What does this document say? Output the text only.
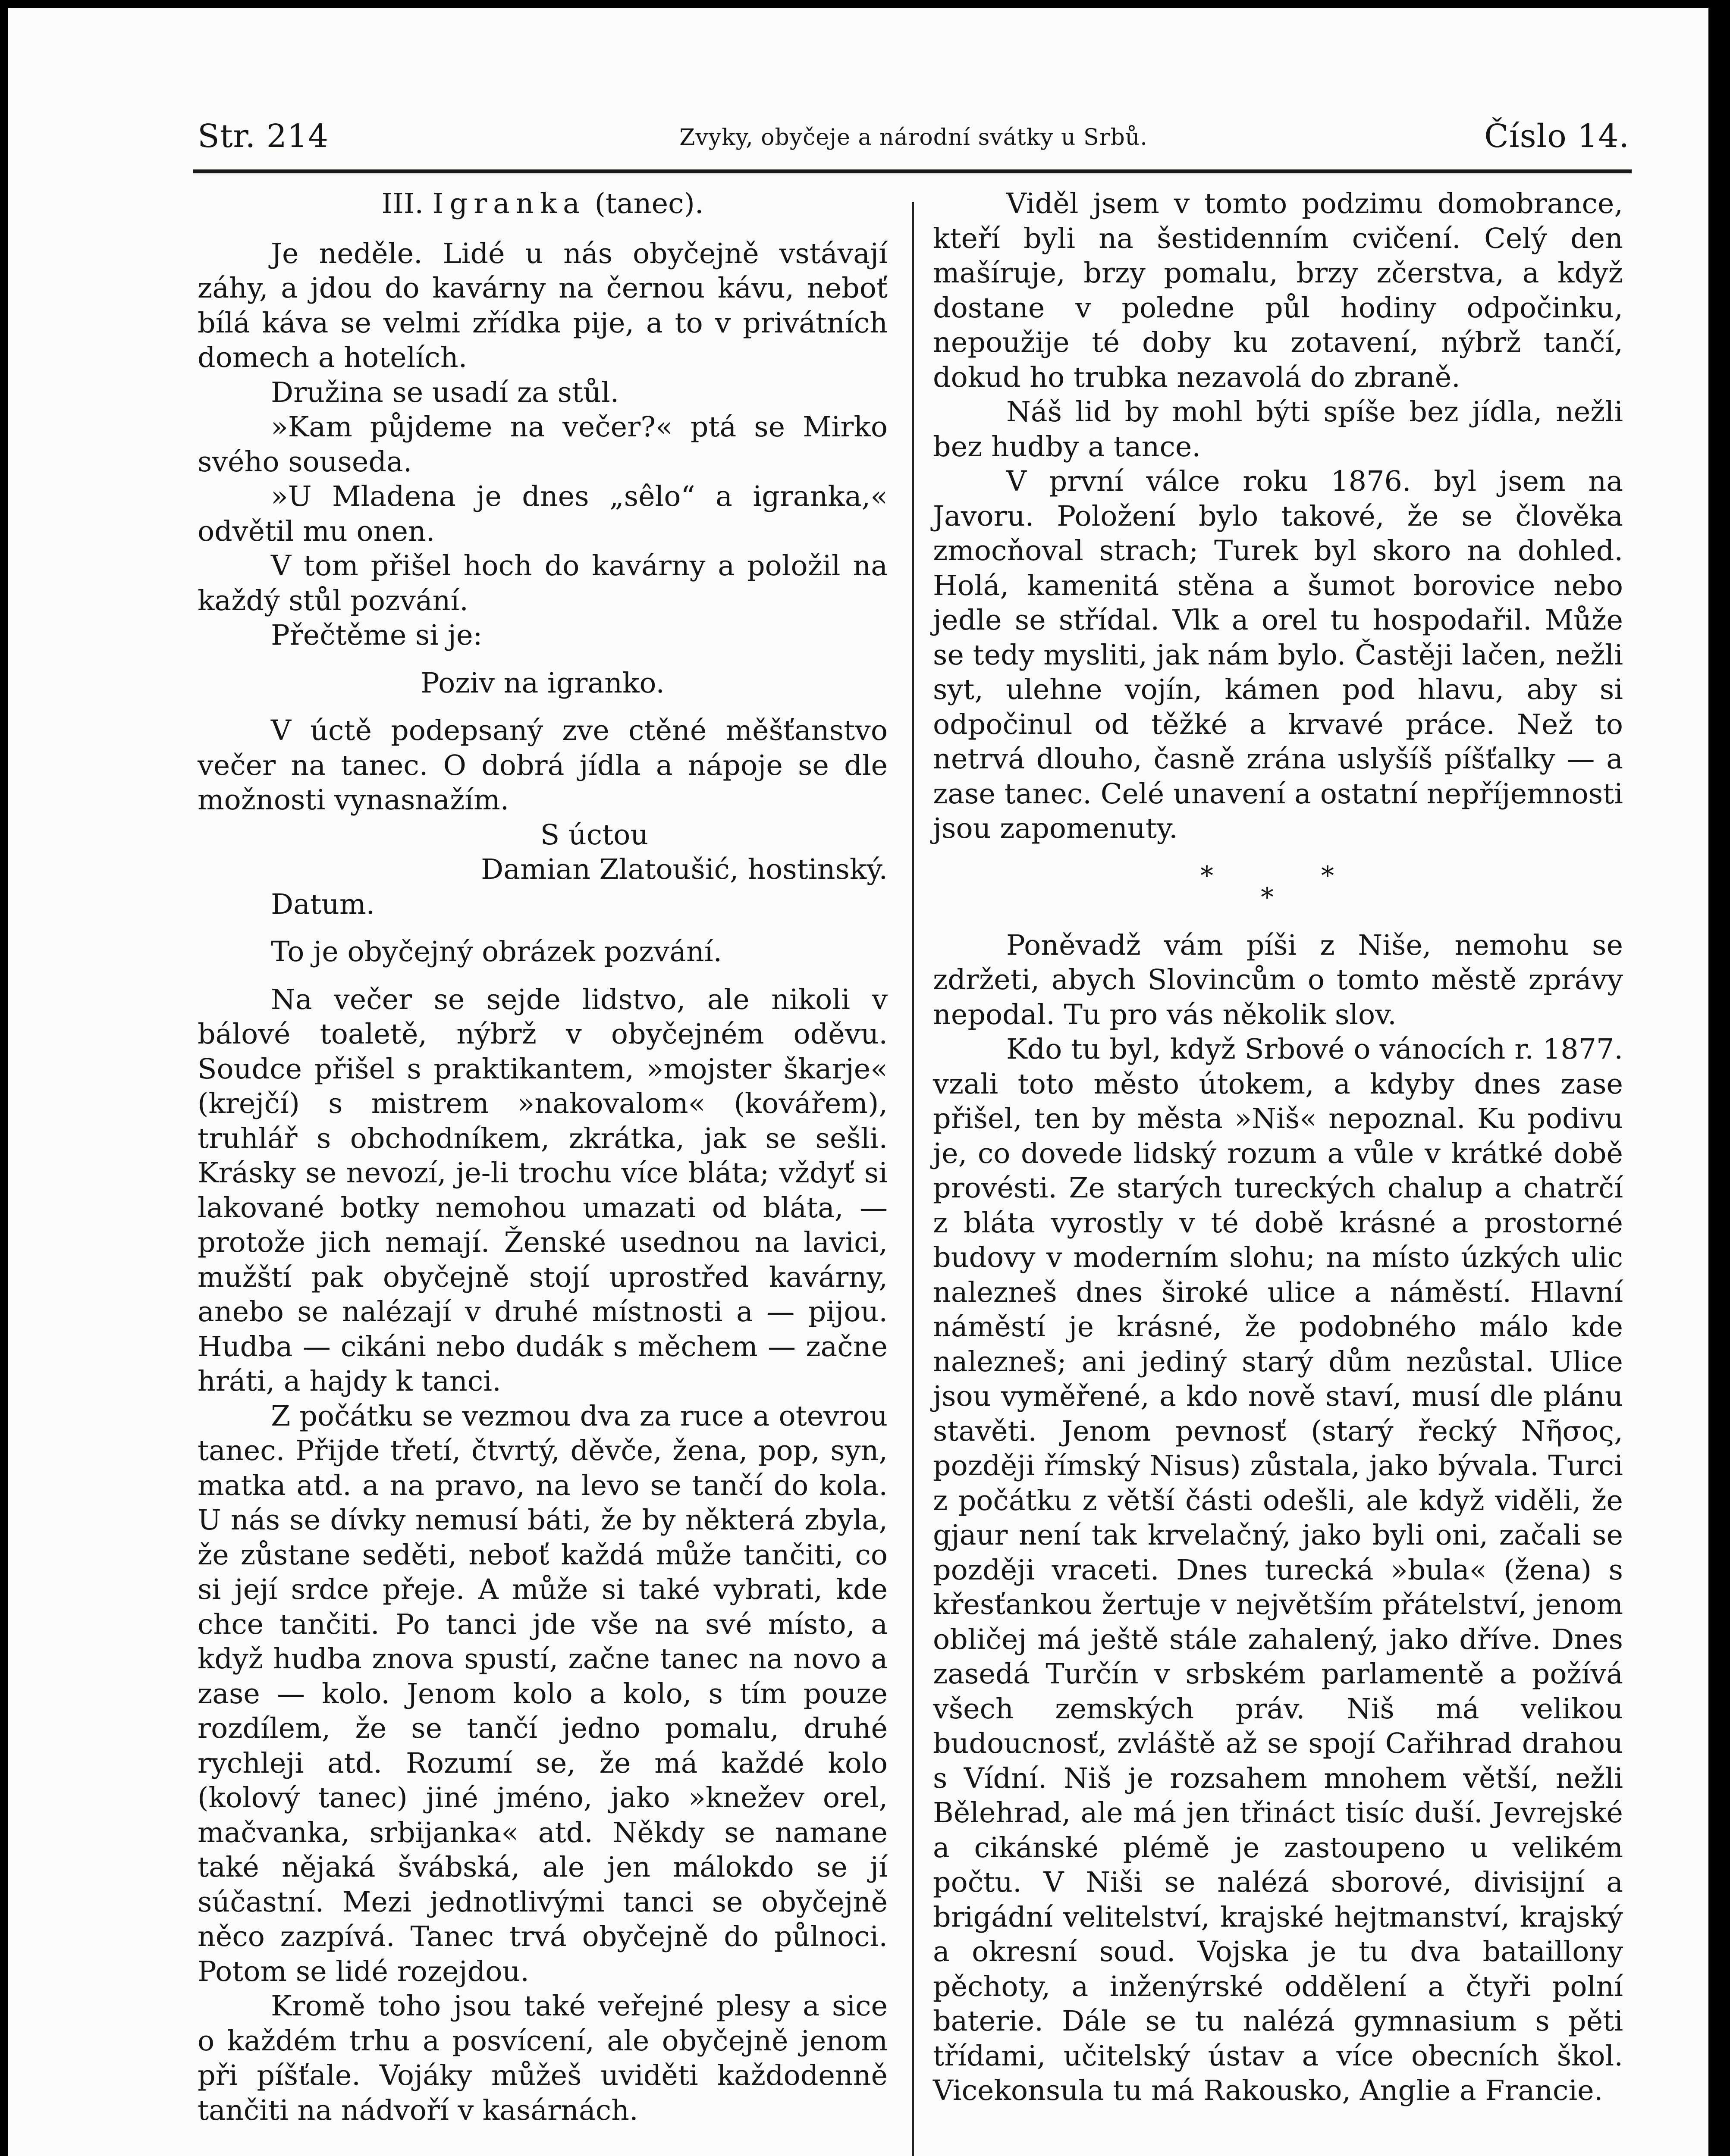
Str. 214	Zvyky, obyčeje a národní svátky u Srbů.	Číslo 14.

III. Igranka (tanec).

Je neděle. Lidé u nás obyčejně vstávají záhy, a jdou do kavárny na černou kávu, neboť bílá káva se velmi zřídka pije, a to v privátních domech a hotelích.

Družina se usadí za stůl.

»Kam půjdeme na večer?« ptá se Mirko svého souseda.

»U Mladena je dnes „sêlo“ a igranka,« odvětil mu onen.

V tom přišel hoch do kavárny a položil na každý stůl pozvání.

Přečtěme si je:

Poziv na igranko.

V úctě podepsaný zve ctěné měšťanstvo večer na tanec. O dobrá jídla a nápoje se dle možnosti vynasnažím.

S úctou

Damian Zlatoušić, hostinský.

Datum.

To je obyčejný obrázek pozvání.

Na večer se sejde lidstvo, ale nikoli v bálové toaletě, nýbrž v obyčejném oděvu. Soudce přišel s praktikantem, »mojster škarje« (krejčí) s mistrem »nakovalom« (kovářem), truhlář s obchodníkem, zkrátka, jak se sešli. Krásky se nevozí, je-li trochu více bláta; vždyť si lakované botky nemohou umazati od bláta, — protože jich nemají. Ženské usednou na lavici, mužští pak obyčejně stojí uprostřed kavárny, anebo se nalézají v druhé místnosti a — pijou. Hudba — cikáni nebo dudák s měchem — začne hráti, a hajdy k tanci.

Z počátku se vezmou dva za ruce a otevrou tanec. Přijde třetí, čtvrtý, děvče, žena, pop, syn, matka atd. a na pravo, na levo se tančí do kola. U nás se dívky nemusí báti, že by některá zbyla, že zůstane seděti, neboť každá může tančiti, co si její srdce přeje. A může si také vybrati, kde chce tančiti. Po tanci jde vše na své místo, a když hudba znova spustí, začne tanec na novo a zase — kolo. Jenom kolo a kolo, s tím pouze rozdílem, že se tančí jedno pomalu, druhé rychleji atd. Rozumí se, že má každé kolo (kolový tanec) jiné jméno, jako »knežev orel, mačvanka, srbijanka« atd. Někdy se namane také nějaká švábská, ale jen málokdo se jí súčastní. Mezi jednotlivými tanci se obyčejně něco zazpívá. Tanec trvá obyčejně do půlnoci. Potom se lidé rozejdou.

Kromě toho jsou také veřejné plesy a sice o každém trhu a posvícení, ale obyčejně jenom při píšťale. Vojáky můžeš uviděti každodenně tančiti na nádvoří v kasárnách.

Viděl jsem v tomto podzimu domobrance, kteří byli na šestidenním cvičení. Celý den mašíruje, brzy pomalu, brzy zčerstva, a když dostane v poledne půl hodiny odpočinku, nepoužije té doby ku zotavení, nýbrž tančí, dokud ho trubka nezavolá do zbraně.

Náš lid by mohl býti spíše bez jídla, nežli bez hudby a tance.

V první válce roku 1876. byl jsem na Javoru. Položení bylo takové, že se člověka zmocňoval strach; Turek byl skoro na dohled. Holá, kamenitá stěna a šumot borovice nebo jedle se střídal. Vlk a orel tu hospodařil. Může se tedy mysliti, jak nám bylo. Častěji lačen, nežli syt, ulehne vojín, kámen pod hlavu, aby si odpočinul od těžké a krvavé práce. Než to netrvá dlouho, časně zrána uslyšíš píšťalky — a zase tanec. Celé unavení a ostatní nepříjemnosti jsou zapomenuty.

*
*
*

Poněvadž vám píši z Niše, nemohu se zdržeti, abych Slovincům o tomto městě zprávy nepodal. Tu pro vás několik slov.

Kdo tu byl, když Srbové o vánocích r. 1877. vzali toto město útokem, a kdyby dnes zase přišel, ten by města »Niš« nepoznal. Ku podivu je, co dovede lidský rozum a vůle v krátké době provésti. Ze starých tureckých chalup a chatrčí z bláta vyrostly v té době krásné a prostorné budovy v moderním slohu; na místo úzkých ulic nalezneš dnes široké ulice a náměstí. Hlavní náměstí je krásné, že podobného málo kde nalezneš; ani jediný starý dům nezůstal. Ulice jsou vyměřené, a kdo nově staví, musí dle plánu stavěti. Jenom pevnosť (starý řecký Νῆσος, později římský Nisus) zůstala, jako bývala. Turci z počátku z větší části odešli, ale když viděli, že gjaur není tak krvelačný, jako byli oni, začali se později vraceti. Dnes turecká »bula« (žena) s křesťankou žertuje v největším přátelství, jenom obličej má ještě stále zahalený, jako dříve. Dnes zasedá Turčín v srbském parlamentě a požívá všech zemských práv. Niš má velikou budoucnosť, zvláště až se spojí Cařihrad drahou s Vídní. Niš je rozsahem mnohem větší, nežli Bělehrad, ale má jen třináct tisíc duší. Jevrejské a cikánské plémě je zastoupeno u velikém počtu. V Niši se nalézá sborové, divisijní a brigádní velitelství, krajské hejtmanství, krajský a okresní soud. Vojska je tu dva bataillony pěchoty, a inženýrské oddělení a čtyři polní baterie. Dále se tu nalézá gymnasium s pěti třídami, učitelský ústav a více obecních škol. Vicekonsula tu má Rakousko, Anglie a Francie.
